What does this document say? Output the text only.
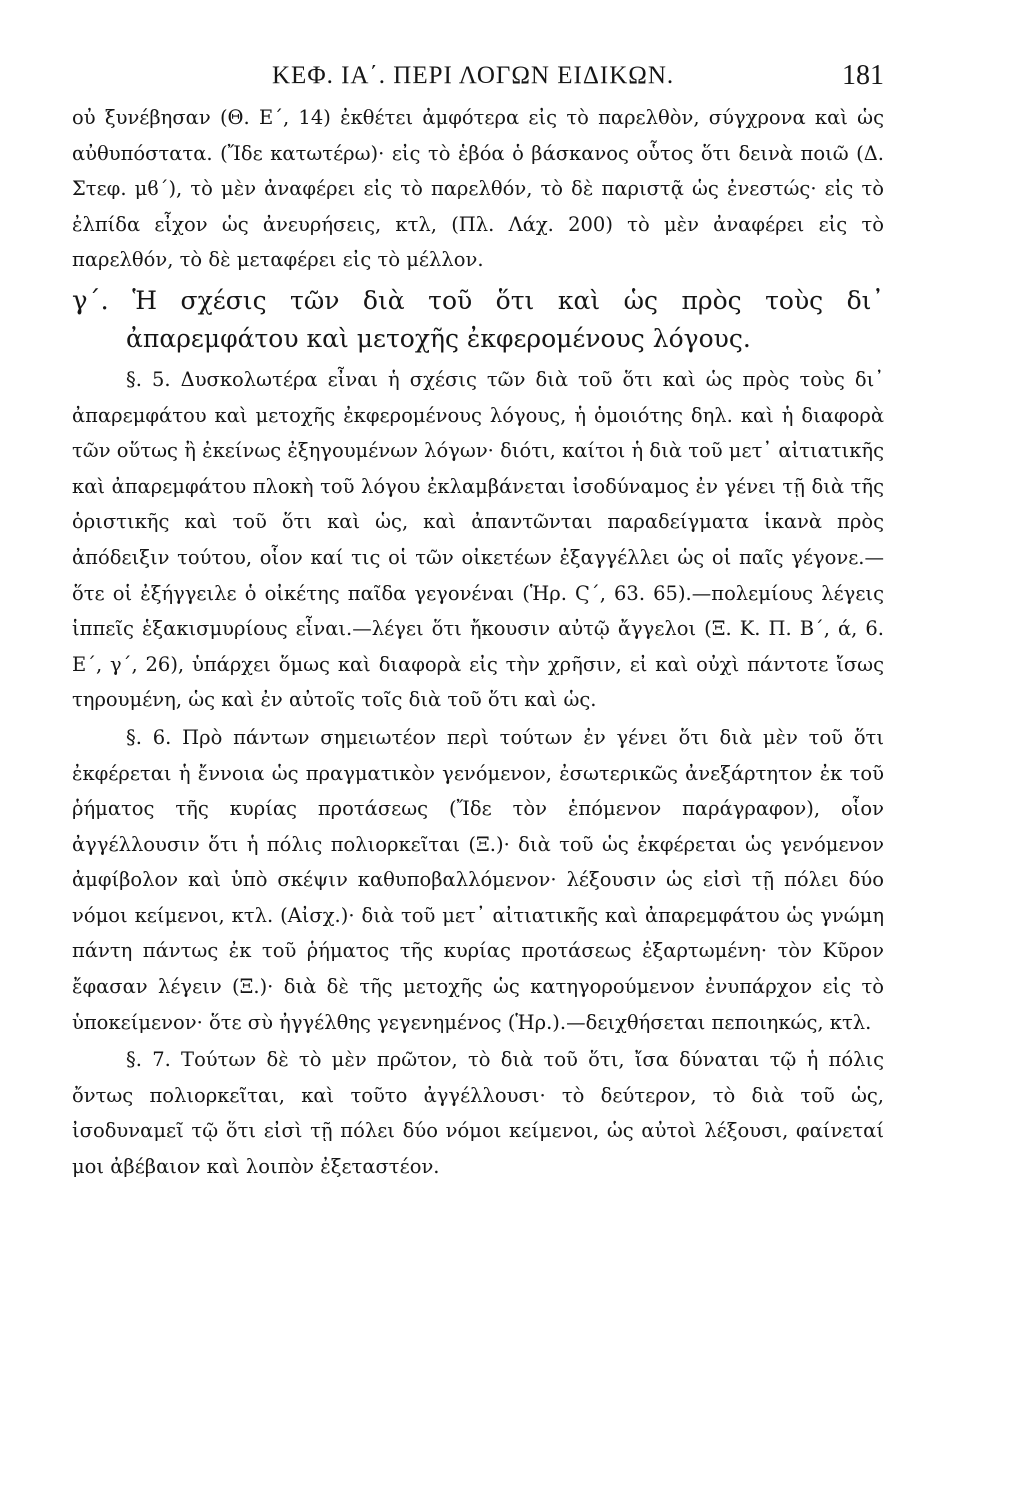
ΚΕΦ. ΙΑ΄. ΠΕΡΙ ΛΟΓΩΝ ΕΙΔΙΚΩΝ.	181

οὐ ξυνέβησαν (Θ. Ε΄, 14) ἐκθέτει ἀμφότερα εἰς τὸ παρελθὸν, σύγχρονα καὶ ὡς αὐθυπόστατα. (Ἴδε κατωτέρω)· εἰς τὸ ἑβόα ὁ βάσκανος οὗτος ὅτι δεινὰ ποιῶ (Δ. Στεφ. μϐ΄), τὸ μὲν ἀναφέρει εἰς τὸ παρελθόν, τὸ δὲ παριστᾷ ὡς ἐνεστώς· εἰς τὸ ἐλπίδα εἶχον ὡς ἀνευρήσεις, κτλ, (Πλ. Λάχ. 200) τὸ μὲν ἀναφέρει εἰς τὸ παρελθόν, τὸ δὲ μεταφέρει εἰς τὸ μέλλον.

γ΄. Ἡ σχέσις τῶν διὰ τοῦ ὅτι καὶ ὡς πρὸς τοὺς δι᾽ ἀπαρεμφάτου καὶ μετοχῆς ἐκφερομένους λόγους.

§. 5. Δυσκολωτέρα εἶναι ἡ σχέσις τῶν διὰ τοῦ ὅτι καὶ ὡς πρὸς τοὺς δι᾽ ἀπαρεμφάτου καὶ μετοχῆς ἐκφερομένους λόγους, ἡ ὁμοιότης δηλ. καὶ ἡ διαφορὰ τῶν οὕτως ἢ ἐκείνως ἐξηγουμένων λόγων· διότι, καίτοι ἡ διὰ τοῦ μετ᾽ αἰτιατικῆς καὶ ἀπαρεμφάτου πλοκὴ τοῦ λόγου ἐκλαμβάνεται ἰσοδύναμος ἐν γένει τῇ διὰ τῆς ὁριστικῆς καὶ τοῦ ὅτι καὶ ὡς, καὶ ἀπαντῶνται παραδείγματα ἱκανὰ πρὸς ἀπόδειξιν τούτου, οἷον καί τις οἱ τῶν οἰκετέων ἐξαγγέλλει ὡς οἱ παῖς γέγονε.—ὅτε οἱ ἐξήγγειλε ὁ οἰκέτης παῖδα γεγονέναι (Ἡρ. Ϛ΄, 63. 65).—πολεμίους λέγεις ἱππεῖς ἑξακισμυρίους εἶναι.—λέγει ὅτι ἤκουσιν αὐτῷ ἄγγελοι (Ξ. Κ. Π. Β΄, ά, 6. Ε΄, γ΄, 26), ὑπάρχει ὅμως καὶ διαφορὰ εἰς τὴν χρῆσιν, εἰ καὶ οὐχὶ πάντοτε ἴσως τηρουμένη, ὡς καὶ ἐν αὐτοῖς τοῖς διὰ τοῦ ὅτι καὶ ὡς.

§. 6. Πρὸ πάντων σημειωτέον περὶ τούτων ἐν γένει ὅτι διὰ μὲν τοῦ ὅτι ἐκφέρεται ἡ ἔννοια ὡς πραγματικὸν γενόμενον, ἐσωτερικῶς ἀνεξάρτητον ἐκ τοῦ ῥήματος τῆς κυρίας προτάσεως (Ἴδε τὸν ἑπόμενον παράγραφον), οἷον ἀγγέλλουσιν ὅτι ἡ πόλις πολιορκεῖται (Ξ.)· διὰ τοῦ ὡς ἐκφέρεται ὡς γενόμενον ἀμφίβολον καὶ ὑπὸ σκέψιν καθυποβαλλόμενον· λέξουσιν ὡς εἰσὶ τῇ πόλει δύο νόμοι κείμενοι, κτλ. (Αἰσχ.)· διὰ τοῦ μετ᾽ αἰτιατικῆς καὶ ἀπαρεμφάτου ὡς γνώμη πάντη πάντως ἐκ τοῦ ῥήματος τῆς κυρίας προτάσεως ἐξαρτωμένη· τὸν Κῦρον ἔφασαν λέγειν (Ξ.)· διὰ δὲ τῆς μετοχῆς ὡς κατηγορούμενον ἐνυπάρχον εἰς τὸ ὑποκείμενον· ὅτε σὺ ἠγγέλθης γεγενημένος (Ἡρ.).—δειχθήσεται πεποιηκώς, κτλ.

§. 7. Τούτων δὲ τὸ μὲν πρῶτον, τὸ διὰ τοῦ ὅτι, ἴσα δύναται τῷ ἡ πόλις ὄντως πολιορκεῖται, καὶ τοῦτο ἀγγέλλουσι· τὸ δεύτερον, τὸ διὰ τοῦ ὡς, ἰσοδυναμεῖ τῷ ὅτι εἰσὶ τῇ πόλει δύο νόμοι κείμενοι, ὡς αὐτοὶ λέξουσι, φαίνεταί μοι ἀβέβαιον καὶ λοιπὸν ἐξεταστέον.
